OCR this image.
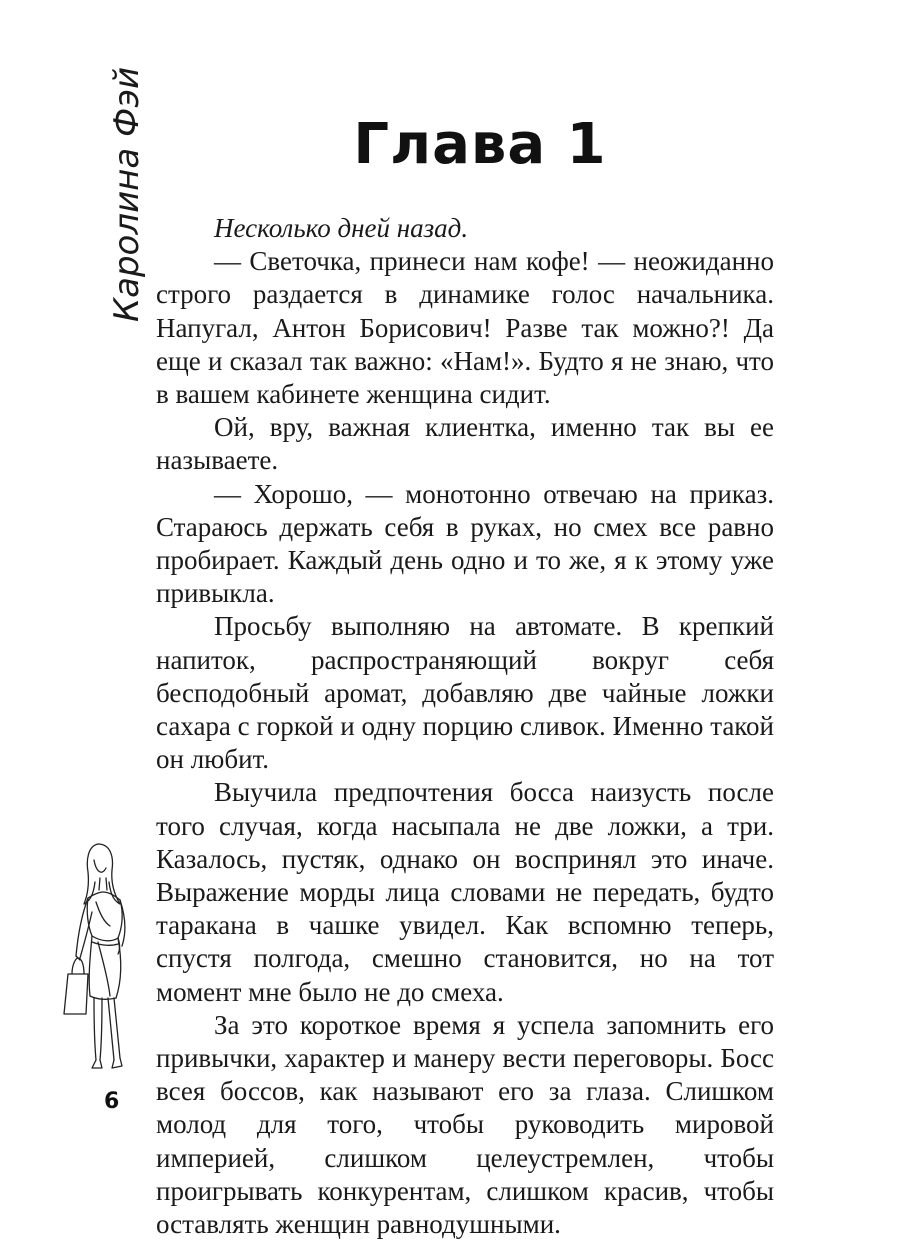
Каролина Фэй	Глава 1

Несколько дней назад.

— Светочка, принеси нам кофе! — неожиданно строго раздается в динамике голос начальника. Напугал, Антон Борисович! Разве так можно?! Да еще и сказал так важно: «Нам!». Будто я не знаю, что в вашем кабинете женщина сидит.

Ой, вру, важная клиентка, именно так вы ее называете.

— Хорошо, — монотонно отвечаю на приказ. Стараюсь держать себя в руках, но смех все равно пробирает. Каждый день одно и то же, я к этому уже привыкла.

Просьбу выполняю на автомате. В крепкий напиток, распространяющий вокруг себя бесподобный аромат, добавляю две чайные ложки сахара с горкой и одну порцию сливок. Именно такой он любит.

Выучила предпочтения босса наизусть после того случая, когда насыпала не две ложки, а три. Казалось, пустяк, однако он воспринял это иначе. Выражение морды лица словами не передать, будто таракана в чашке увидел. Как вспомню теперь, спустя полгода, смешно становится, но на тот момент мне было не до смеха.

За это короткое время я успела запомнить его привычки, характер и манеру вести переговоры. Босс всея боссов, как называют его за глаза. Слишком молод для того, чтобы руководить мировой империей, слишком целеустремлен, чтобы проигрывать конкурентам, слишком красив, чтобы оставлять женщин равнодушными.

6
